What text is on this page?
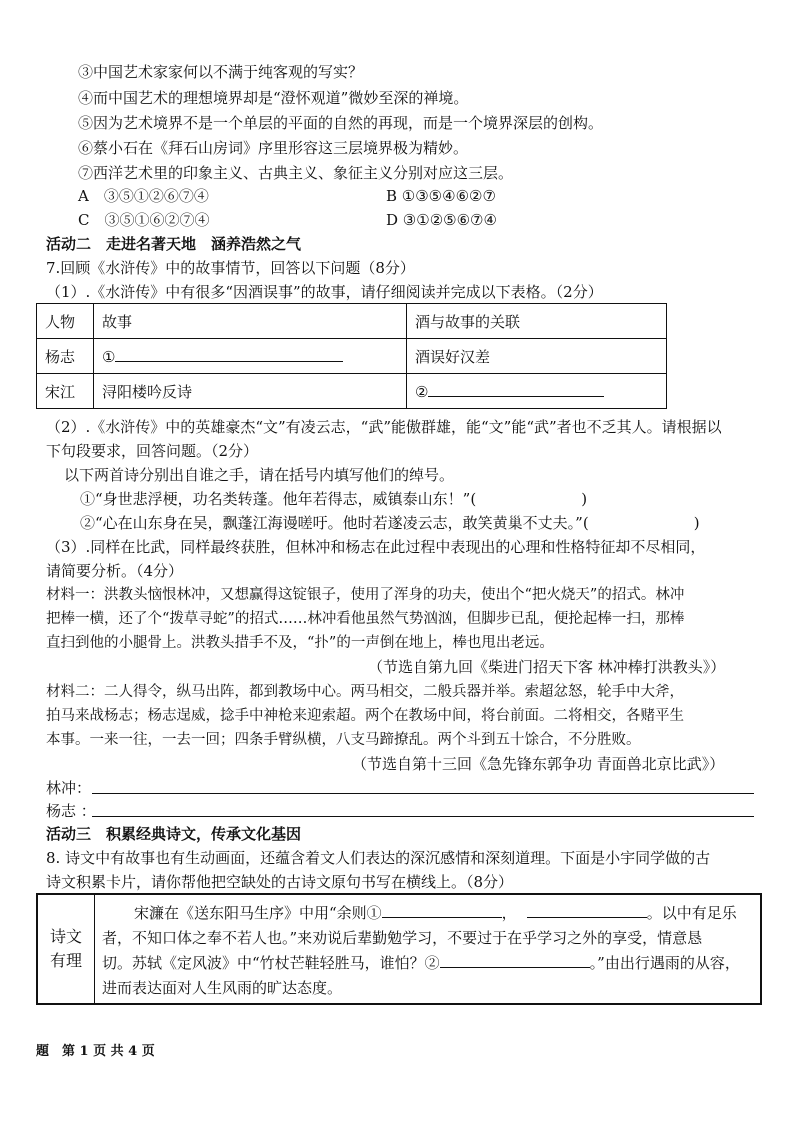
③中国艺术家家何以不满于纯客观的写实？
④而中国艺术的理想境界却是“澄怀观道”微妙至深的禅境。
⑤因为艺术境界不是一个单层的平面的自然的再现，而是一个境界深层的创构。
⑥蔡小石在《拜石山房词》序里形容这三层境界极为精妙。
⑦西洋艺术里的印象主义、古典主义、象征主义分别对应这三层。
A　③⑤①②⑥⑦④	B ①③⑤④⑥②⑦
C　③⑤①⑥②⑦④	D ③①②⑤⑥⑦④
活动二　走进名著天地　涵养浩然之气
7.回顾《水浒传》中的故事情节，回答以下问题（8分）
（1）.《水浒传》中有很多“因酒误事”的故事，请仔细阅读并完成以下表格。（2分）
人物	故事	酒与故事的关联
杨志	①	酒误好汉差
宋江	浔阳楼吟反诗	②
（2）.《水浒传》中的英雄豪杰“文”有凌云志，“武”能傲群雄，能“文”能“武”者也不乏其人。请根据以
下句段要求，回答问题。（2分）
以下两首诗分别出自谁之手，请在括号内填写他们的绰号。
①“身世悲浮梗，功名类转蓬。他年若得志，威镇泰山东！”(　　　　　　　)
②“心在山东身在吴，飘蓬江海谩嗟吁。他时若遂凌云志，敢笑黄巢不丈夫。”(　　　　　　　)
（3）.同样在比武，同样最终获胜，但林冲和杨志在此过程中表现出的心理和性格特征却不尽相同，
请简要分析。（4分）
材料一：洪教头恼恨林冲，又想赢得这锭银子，使用了浑身的功夫，使出个“把火烧天”的招式。林冲
把棒一横，还了个“拨草寻蛇”的招式……林冲看他虽然气势汹汹，但脚步已乱，便抡起棒一扫，那棒
直扫到他的小腿骨上。洪教头措手不及，“扑”的一声倒在地上，棒也甩出老远。
（节选自第九回《柴进门招天下客 林冲棒打洪教头》）
材料二：二人得令，纵马出阵，都到教场中心。两马相交，二般兵器并举。索超忿怒，轮手中大斧，
拍马来战杨志；杨志逞威，捻手中神枪来迎索超。两个在教场中间，将台前面。二将相交，各赌平生
本事。一来一往，一去一回；四条手臂纵横，八支马蹄撩乱。两个斗到五十馀合，不分胜败。
（节选自第十三回《急先锋东郭争功 青面兽北京比武》）
林冲：
杨志 ：
活动三　积累经典诗文，传承文化基因
8. 诗文中有故事也有生动画面，还蕴含着文人们表达的深沉感情和深刻道理。下面是小宇同学做的古
诗文积累卡片，请你帮他把空缺处的古诗文原句书写在横线上。（8分）
诗文
有理
宋濂在《送东阳马生序》中用“余则①	，	。以中有足乐
者，不知口体之奉不若人也。”来劝说后辈勤勉学习，不要过于在乎学习之外的享受，情意恳
切。苏轼《定风波》中“竹杖芒鞋轻胜马，谁怕？②	。”由出行遇雨的从容，
进而表达面对人生风雨的旷达态度。
題　第 1 页 共 4 页
